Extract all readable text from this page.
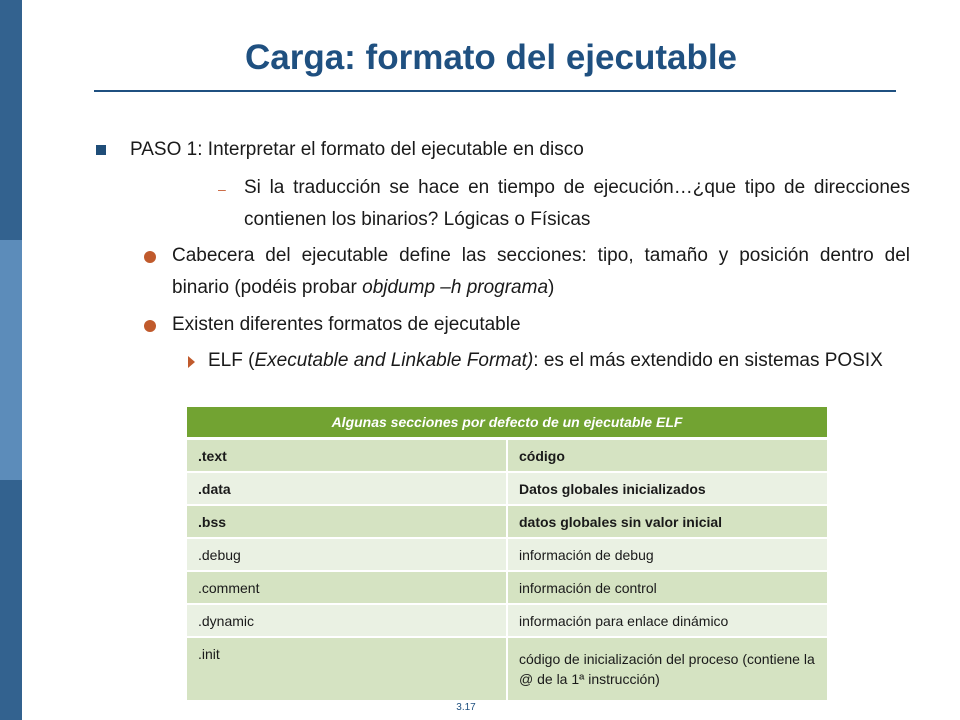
Carga: formato del ejecutable
PASO 1: Interpretar el formato del ejecutable en disco
– Si la traducción se hace en tiempo de ejecución…¿que tipo de direcciones contienen los binarios? Lógicas o Físicas
Cabecera del ejecutable define las secciones: tipo, tamaño y posición dentro del binario (podéis probar objdump –h programa)
Existen diferentes formatos de ejecutable
ELF (Executable and Linkable Format): es el más extendido en sistemas POSIX
Algunas secciones por defecto de un ejecutable ELF	
.text	código
.data	Datos globales inicializados
.bss	datos globales sin valor inicial
.debug	información de debug
.comment	información de control
.dynamic	información para enlace dinámico
.init	código de inicialización del proceso (contiene la @ de la 1ª instrucción)
3.17
